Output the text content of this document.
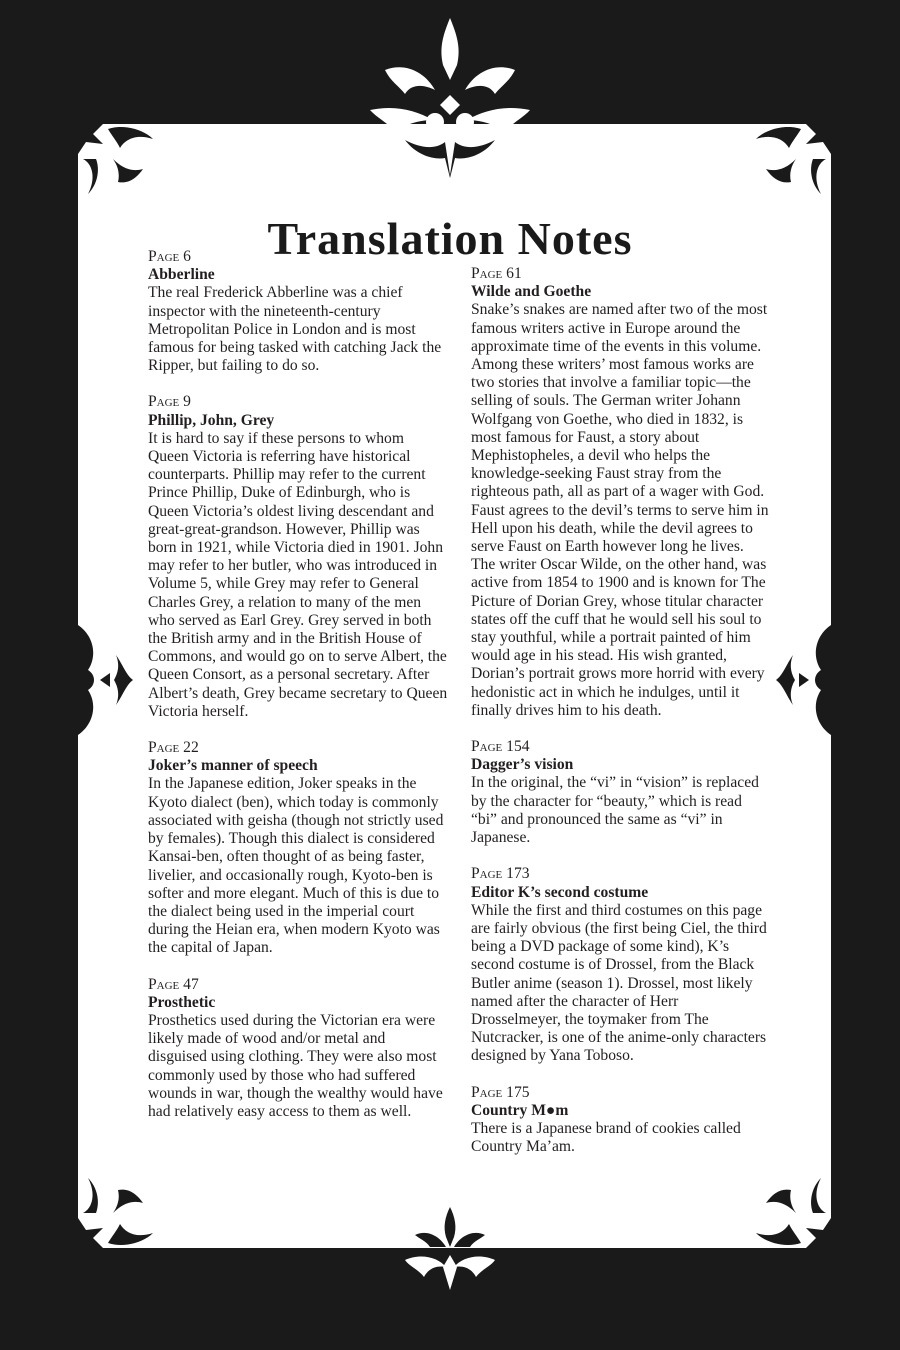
Translation Notes
Page 6
Abberline
The real Frederick Abberline was a chief inspector with the nineteenth-century Metropolitan Police in London and is most famous for being tasked with catching Jack the Ripper, but failing to do so.
Page 9
Phillip, John, Grey
It is hard to say if these persons to whom Queen Victoria is referring have historical counterparts. Phillip may refer to the current Prince Phillip, Duke of Edinburgh, who is Queen Victoria’s oldest living descendant and great-great-grandson. However, Phillip was born in 1921, while Victoria died in 1901. John may refer to her butler, who was introduced in Volume 5, while Grey may refer to General Charles Grey, a relation to many of the men who served as Earl Grey. Grey served in both the British army and in the British House of Commons, and would go on to serve Albert, the Queen Consort, as a personal secretary. After Albert’s death, Grey became secretary to Queen Victoria herself.
Page 22
Joker’s manner of speech
In the Japanese edition, Joker speaks in the Kyoto dialect (ben), which today is commonly associated with geisha (though not strictly used by females). Though this dialect is considered Kansai-ben, often thought of as being faster, livelier, and occasionally rough, Kyoto-ben is softer and more elegant. Much of this is due to the dialect being used in the imperial court during the Heian era, when modern Kyoto was the capital of Japan.
Page 47
Prosthetic
Prosthetics used during the Victorian era were likely made of wood and/or metal and disguised using clothing. They were also most commonly used by those who had suffered wounds in war, though the wealthy would have had relatively easy access to them as well.
Page 61
Wilde and Goethe
Snake’s snakes are named after two of the most famous writers active in Europe around the approximate time of the events in this volume. Among these writers’ most famous works are two stories that involve a familiar topic—the selling of souls. The German writer Johann Wolfgang von Goethe, who died in 1832, is most famous for Faust, a story about Mephistopheles, a devil who helps the knowledge-seeking Faust stray from the righteous path, all as part of a wager with God. Faust agrees to the devil’s terms to serve him in Hell upon his death, while the devil agrees to serve Faust on Earth however long he lives. The writer Oscar Wilde, on the other hand, was active from 1854 to 1900 and is known for The Picture of Dorian Grey, whose titular character states off the cuff that he would sell his soul to stay youthful, while a portrait painted of him would age in his stead. His wish granted, Dorian’s portrait grows more horrid with every hedonistic act in which he indulges, until it finally drives him to his death.
Page 154
Dagger’s vision
In the original, the “vi” in “vision” is replaced by the character for “beauty,” which is read “bi” and pronounced the same as “vi” in Japanese.
Page 173
Editor K’s second costume
While the first and third costumes on this page are fairly obvious (the first being Ciel, the third being a DVD package of some kind), K’s second costume is of Drossel, from the Black Butler anime (season 1). Drossel, most likely named after the character of Herr Drosselmeyer, the toymaker from The Nutcracker, is one of the anime-only characters designed by Yana Toboso.
Page 175
Country M●m
There is a Japanese brand of cookies called Country Ma’am.
